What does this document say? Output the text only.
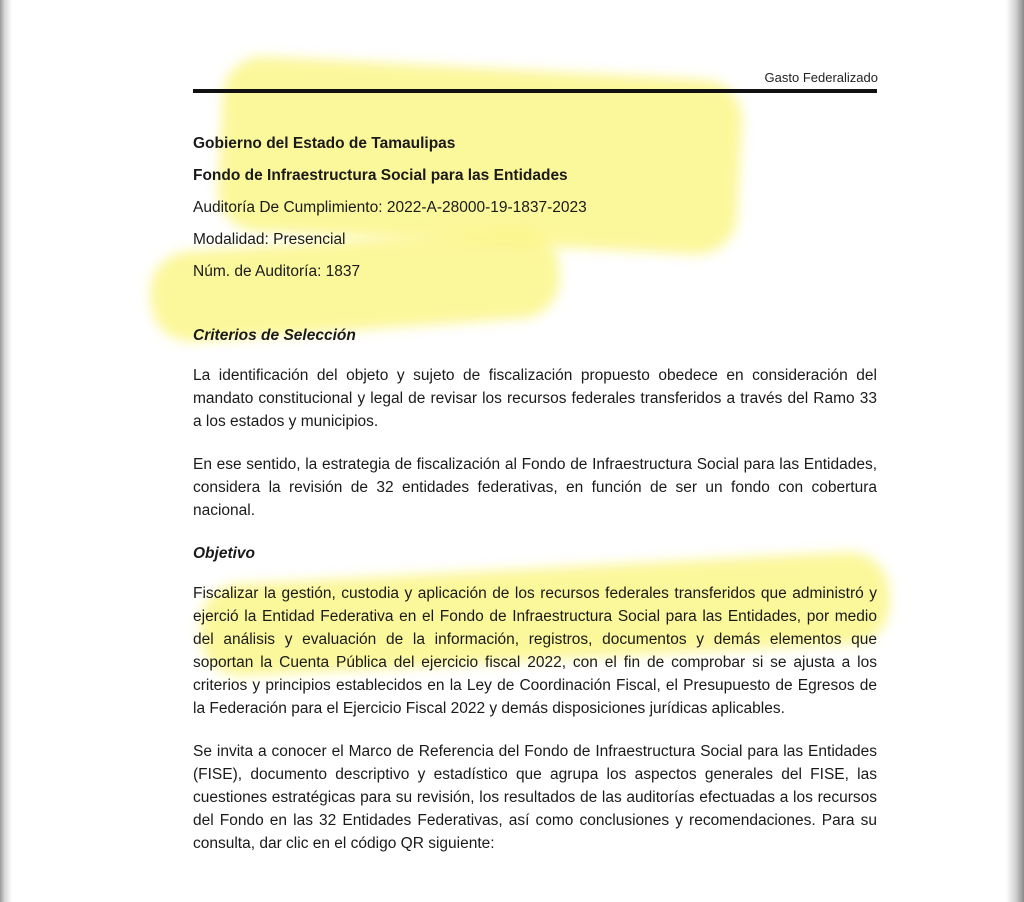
Gasto Federalizado

Gobierno del Estado de Tamaulipas

Fondo de Infraestructura Social para las Entidades

Auditoría De Cumplimiento: 2022-A-28000-19-1837-2023

Modalidad: Presencial

Núm. de Auditoría: 1837

Criterios de Selección

La identificación del objeto y sujeto de fiscalización propuesto obedece en consideración del mandato constitucional y legal de revisar los recursos federales transferidos a través del Ramo 33 a los estados y municipios.

En ese sentido, la estrategia de fiscalización al Fondo de Infraestructura Social para las Entidades, considera la revisión de 32 entidades federativas, en función de ser un fondo con cobertura nacional.

Objetivo

Fiscalizar la gestión, custodia y aplicación de los recursos federales transferidos que administró y ejerció la Entidad Federativa en el Fondo de Infraestructura Social para las Entidades, por medio del análisis y evaluación de la información, registros, documentos y demás elementos que soportan la Cuenta Pública del ejercicio fiscal 2022, con el fin de comprobar si se ajusta a los criterios y principios establecidos en la Ley de Coordinación Fiscal, el Presupuesto de Egresos de la Federación para el Ejercicio Fiscal 2022 y demás disposiciones jurídicas aplicables.

Se invita a conocer el Marco de Referencia del Fondo de Infraestructura Social para las Entidades (FISE), documento descriptivo y estadístico que agrupa los aspectos generales del FISE, las cuestiones estratégicas para su revisión, los resultados de las auditorías efectuadas a los recursos del Fondo en las 32 Entidades Federativas, así como conclusiones y recomendaciones. Para su consulta, dar clic en el código QR siguiente:
